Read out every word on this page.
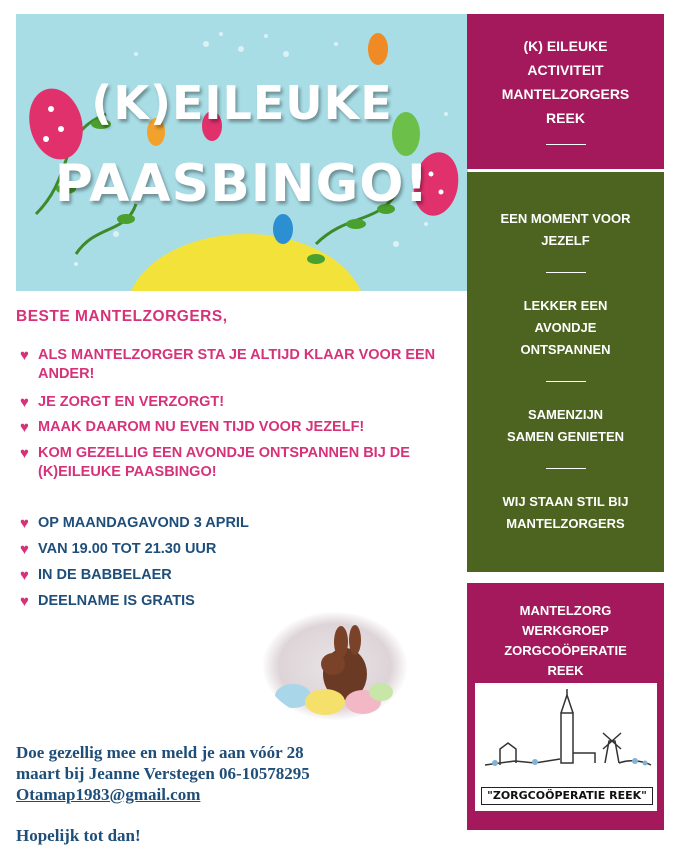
(K)EILEUKE
PAASBINGO!
BESTE MANTELZORGERS,
♥ ALS MANTELZORGER STA JE ALTIJD KLAAR VOOR EEN ANDER!
♥ JE ZORGT EN VERZORGT!
♥ MAAK DAAROM NU EVEN TIJD VOOR JEZELF!
♥ KOM GEZELLIG EEN AVONDJE ONTSPANNEN BIJ DE (K)EILEUKE PAASBINGO!
♥ OP MAANDAGAVOND 3 APRIL
♥ VAN 19.00 TOT 21.30 UUR
♥ IN DE BABBELAER
♥ DEELNAME IS GRATIS
Doe gezellig mee en meld je aan vóór 28
maart bij Jeanne Verstegen 06-10578295
Otamap1983@gmail.com
Hopelijk tot dan!
(K) EILEUKE
ACTIVITEIT
MANTELZORGERS
REEK
EEN MOMENT VOOR
JEZELF
LEKKER EEN
AVONDJE
ONTSPANNEN
SAMENZIJN
SAMEN GENIETEN
WIJ STAAN STIL BIJ
MANTELZORGERS
MANTELZORG
WERKGROEP
ZORGCOÖPERATIE
REEK
"ZORGCOÖPERATIE REEK"
